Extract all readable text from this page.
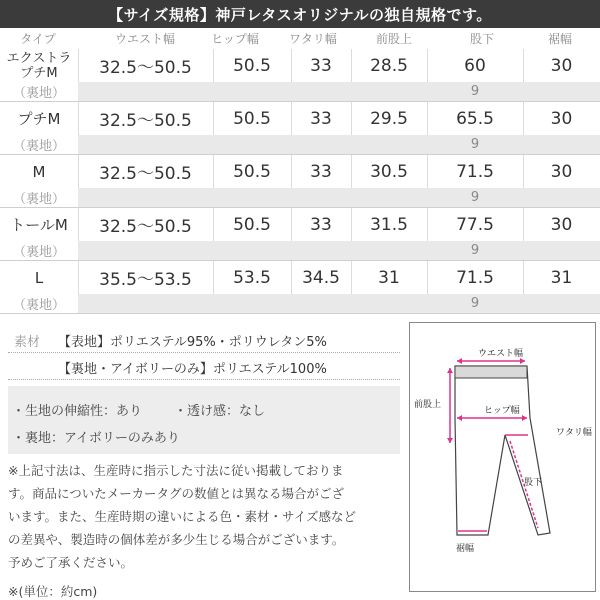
【サイズ規格】神戸レタスオリジナルの独自規格です。
タイプ	ウエスト幅	ヒップ幅	ワタリ幅	前股上	股下	裾幅
エクストラ プチM	32.5〜50.5	50.5	33	28.5	60	30
（裏地）	9
プチM	32.5〜50.5	50.5	33	29.5	65.5	30
（裏地）	9
M	32.5〜50.5	50.5	33	30.5	71.5	30
（裏地）	9
トールM	32.5〜50.5	50.5	33	31.5	77.5	30
（裏地）	9
L	35.5〜53.5	53.5	34.5	31	71.5	31
（裏地）	9
素材 【表地】ポリエステル95%・ポリウレタン5%
【裏地・アイボリーのみ】ポリエステル100%
・生地の伸縮性：あり ・透け感：なし
・裏地：アイボリーのみあり
※上記寸法は、生産時に指示した寸法に従い掲載しておりま
す。商品についたメーカータグの数値とは異なる場合がござ
います。また、生産時期の違いによる色・素材・サイズ感など
の差異や、製造時の個体差が多少生じる場合がございます。
予めご了承ください。
※(単位：約cm)
ウエスト幅
前股上
ヒップ幅
ワタリ幅
股下
裾幅
